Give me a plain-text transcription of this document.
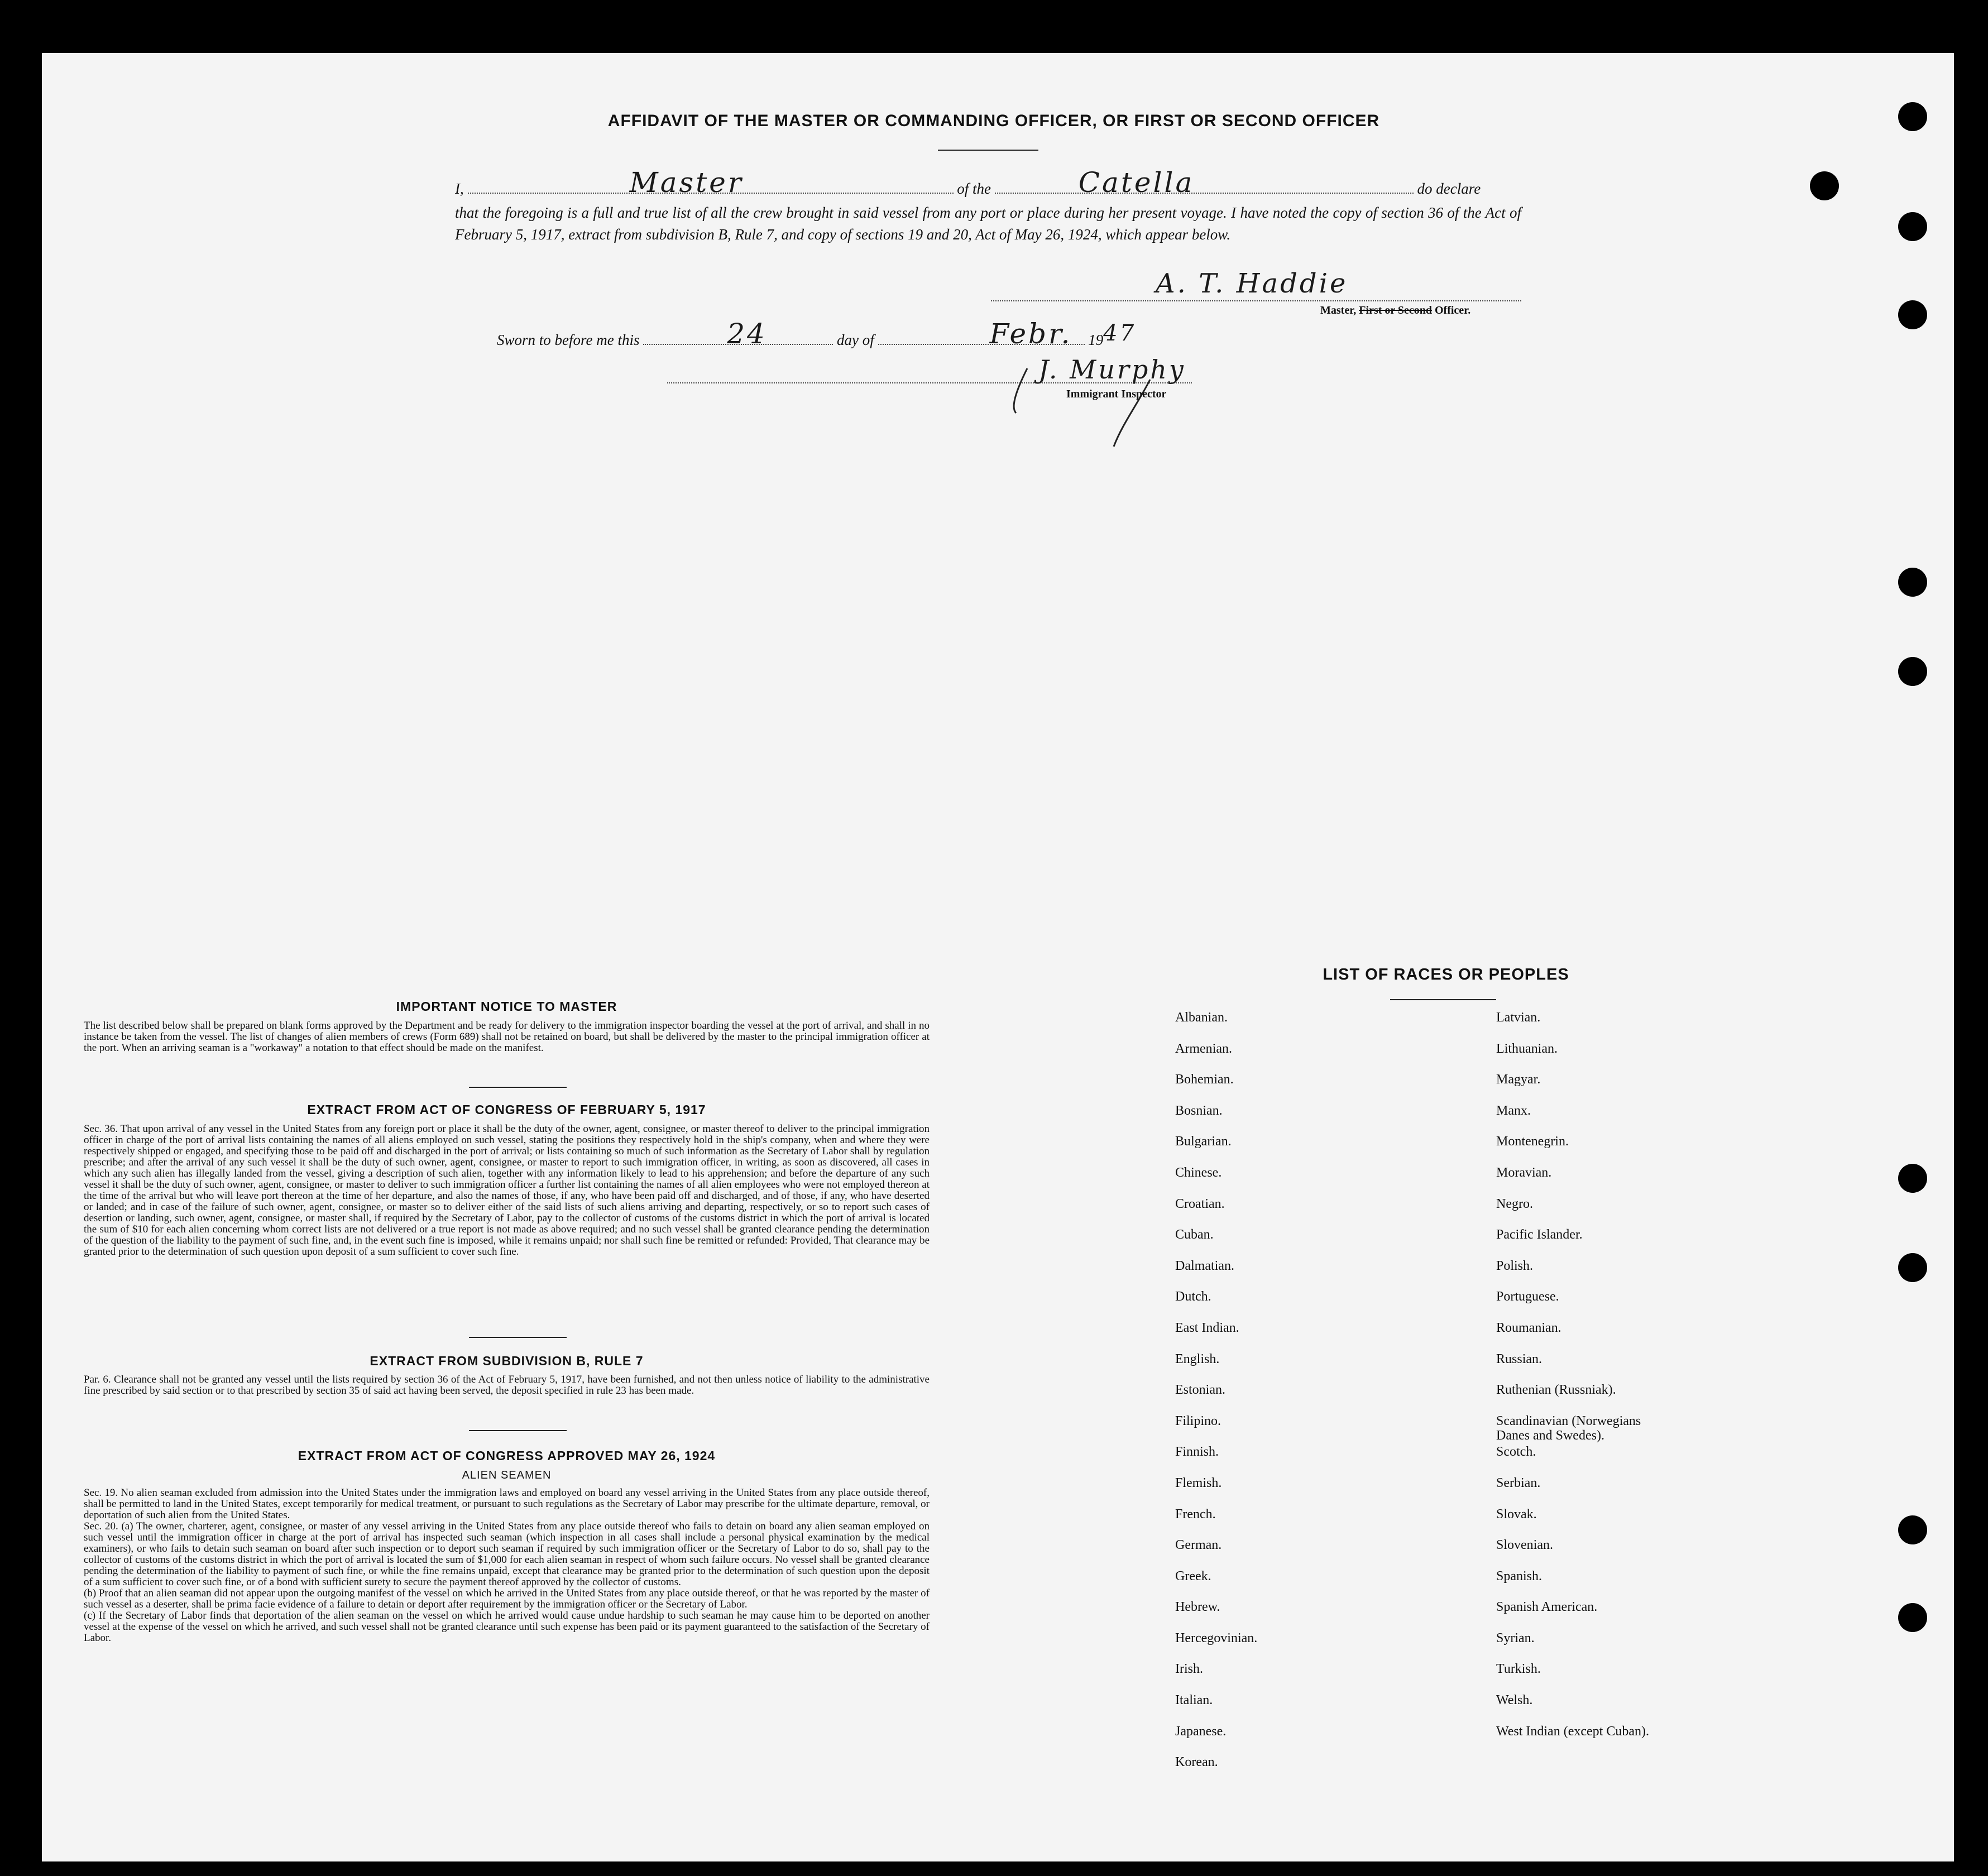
AFFIDAVIT OF THE MASTER OR COMMANDING OFFICER, OR FIRST OR SECOND OFFICER
I,	Master	of the	Catella	do declare
that the foregoing is a full and true list of all the crew brought in said vessel from any port or place during her present voyage. I have noted the copy of section 36 of the Act of February 5, 1917, extract from subdivision B, Rule 7, and copy of sections 19 and 20, Act of May 26, 1924, which appear below.
A. T. Haddie
Master, First or Second Officer.
Sworn to before me this	24	day of	Febr. 1947
J. Murphy
Immigrant Inspector
IMPORTANT NOTICE TO MASTER
The list described below shall be prepared on blank forms approved by the Department and be ready for delivery to the immigration inspector boarding the vessel at the port of arrival, and shall in no instance be taken from the vessel. The list of changes of alien members of crews (Form 689) shall not be retained on board, but shall be delivered by the master to the principal immigration officer at the port. When an arriving seaman is a "workaway" a notation to that effect should be made on the manifest.
EXTRACT FROM ACT OF CONGRESS OF FEBRUARY 5, 1917
Sec. 36. That upon arrival of any vessel in the United States from any foreign port or place it shall be the duty of the owner, agent, consignee, or master thereof to deliver to the principal immigration officer in charge of the port of arrival lists containing the names of all aliens employed on such vessel, stating the positions they respectively hold in the ship's company, when and where they were respectively shipped or engaged, and specifying those to be paid off and discharged in the port of arrival; or lists containing so much of such information as the Secretary of Labor shall by regulation prescribe; and after the arrival of any such vessel it shall be the duty of such owner, agent, consignee, or master to report to such immigration officer, in writing, as soon as discovered, all cases in which any such alien has illegally landed from the vessel, giving a description of such alien, together with any information likely to lead to his apprehension; and before the departure of any such vessel it shall be the duty of such owner, agent, consignee, or master to deliver to such immigration officer a further list containing the names of all alien employees who were not employed thereon at the time of the arrival but who will leave port thereon at the time of her departure, and also the names of those, if any, who have been paid off and discharged, and of those, if any, who have deserted or landed; and in case of the failure of such owner, agent, consignee, or master so to deliver either of the said lists of such aliens arriving and departing, respectively, or so to report such cases of desertion or landing, such owner, agent, consignee, or master shall, if required by the Secretary of Labor, pay to the collector of customs of the customs district in which the port of arrival is located the sum of $10 for each alien concerning whom correct lists are not delivered or a true report is not made as above required; and no such vessel shall be granted clearance pending the determination of the question of the liability to the payment of such fine, and, in the event such fine is imposed, while it remains unpaid; nor shall such fine be remitted or refunded: Provided, That clearance may be granted prior to the determination of such question upon deposit of a sum sufficient to cover such fine.
EXTRACT FROM SUBDIVISION B, RULE 7
Par. 6. Clearance shall not be granted any vessel until the lists required by section 36 of the Act of February 5, 1917, have been furnished, and not then unless notice of liability to the administrative fine prescribed by said section or to that prescribed by section 35 of said act having been served, the deposit specified in rule 23 has been made.
EXTRACT FROM ACT OF CONGRESS APPROVED MAY 26, 1924
ALIEN SEAMEN
Sec. 19. No alien seaman excluded from admission into the United States under the immigration laws and employed on board any vessel arriving in the United States from any place outside thereof, shall be permitted to land in the United States, except temporarily for medical treatment, or pursuant to such regulations as the Secretary of Labor may prescribe for the ultimate departure, removal, or deportation of such alien from the United States.
Sec. 20. (a) The owner, charterer, agent, consignee, or master of any vessel arriving in the United States from any place outside thereof who fails to detain on board any alien seaman employed on such vessel until the immigration officer in charge at the port of arrival has inspected such seaman (which inspection in all cases shall include a personal physical examination by the medical examiners), or who fails to detain such seaman on board after such inspection or to deport such seaman if required by such immigration officer or the Secretary of Labor to do so, shall pay to the collector of customs of the customs district in which the port of arrival is located the sum of $1,000 for each alien seaman in respect of whom such failure occurs. No vessel shall be granted clearance pending the determination of the liability to payment of such fine, or while the fine remains unpaid, except that clearance may be granted prior to the determination of such question upon the deposit of a sum sufficient to cover such fine, or of a bond with sufficient surety to secure the payment thereof approved by the collector of customs.
(b) Proof that an alien seaman did not appear upon the outgoing manifest of the vessel on which he arrived in the United States from any place outside thereof, or that he was reported by the master of such vessel as a deserter, shall be prima facie evidence of a failure to detain or deport after requirement by the immigration officer or the Secretary of Labor.
(c) If the Secretary of Labor finds that deportation of the alien seaman on the vessel on which he arrived would cause undue hardship to such seaman he may cause him to be deported on another vessel at the expense of the vessel on which he arrived, and such vessel shall not be granted clearance until such expense has been paid or its payment guaranteed to the satisfaction of the Secretary of Labor.
LIST OF RACES OR PEOPLES
Albanian.
Armenian.
Bohemian.
Bosnian.
Bulgarian.
Chinese.
Croatian.
Cuban.
Dalmatian.
Dutch.
East Indian.
English.
Estonian.
Filipino.
Finnish.
Flemish.
French.
German.
Greek.
Hebrew.
Hercegovinian.
Irish.
Italian.
Japanese.
Korean.
Latvian.
Lithuanian.
Magyar.
Manx.
Montenegrin.
Moravian.
Negro.
Pacific Islander.
Polish.
Portuguese.
Roumanian.
Russian.
Ruthenian (Russniak).
Scandinavian (Norwegians
Danes and Swedes).
Scotch.
Serbian.
Slovak.
Slovenian.
Spanish.
Spanish American.
Syrian.
Turkish.
Welsh.
West Indian (except Cuban).
